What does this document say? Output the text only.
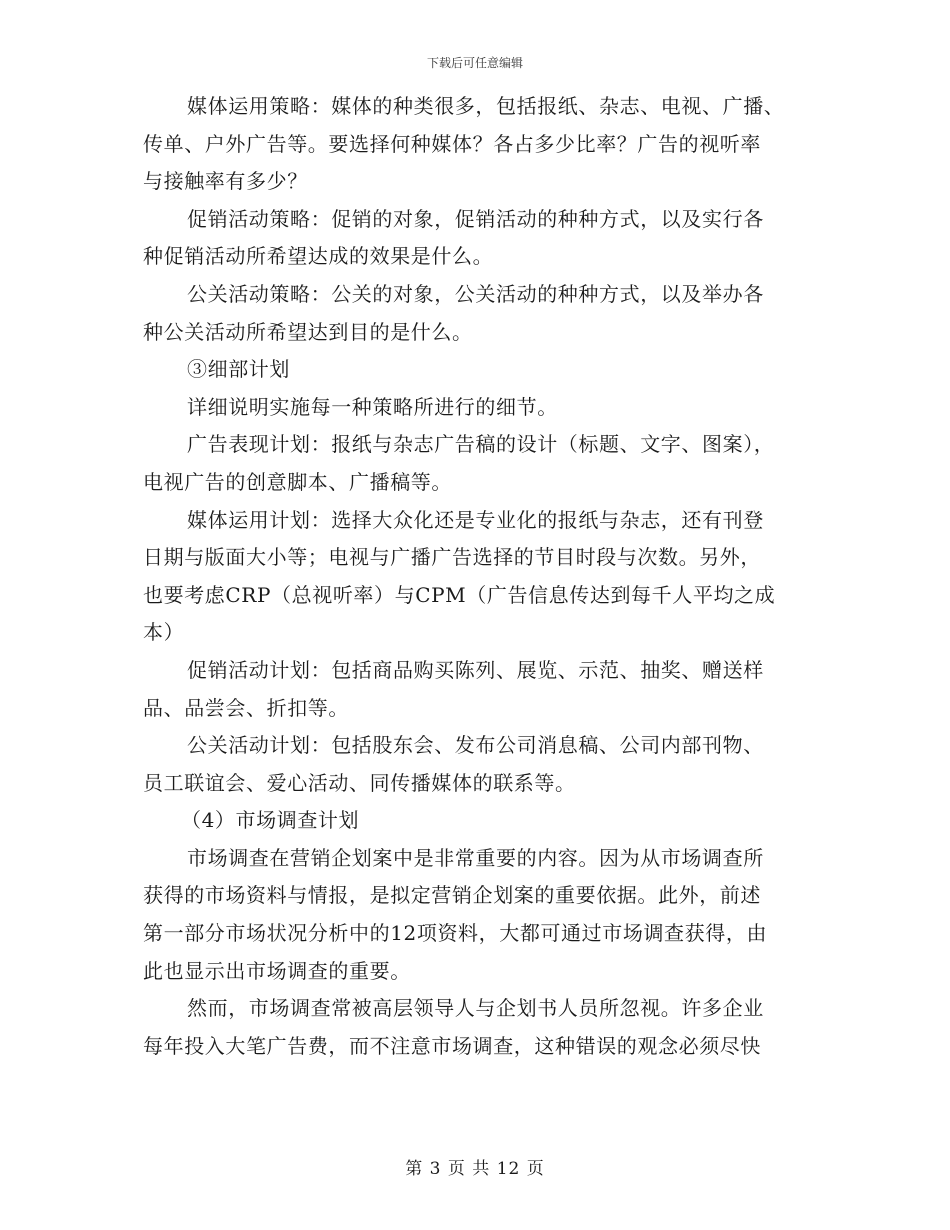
下载后可任意编辑
媒体运用策略：媒体的种类很多，包括报纸、杂志、电视、广播、
传单、户外广告等。要选择何种媒体？各占多少比率？广告的视听率
与接触率有多少？
促销活动策略：促销的对象，促销活动的种种方式，以及实行各
种促销活动所希望达成的效果是什么。
公关活动策略：公关的对象，公关活动的种种方式，以及举办各
种公关活动所希望达到目的是什么。
③细部计划
详细说明实施每一种策略所进行的细节。
广告表现计划：报纸与杂志广告稿的设计（标题、文字、图案），
电视广告的创意脚本、广播稿等。
媒体运用计划：选择大众化还是专业化的报纸与杂志，还有刊登
日期与版面大小等；电视与广播广告选择的节目时段与次数。另外，
也要考虑CRP（总视听率）与CPM（广告信息传达到每千人平均之成
本）
促销活动计划：包括商品购买陈列、展览、示范、抽奖、赠送样
品、品尝会、折扣等。
公关活动计划：包括股东会、发布公司消息稿、公司内部刊物、
员工联谊会、爱心活动、同传播媒体的联系等。
（4）市场调查计划
市场调查在营销企划案中是非常重要的内容。因为从市场调查所
获得的市场资料与情报，是拟定营销企划案的重要依据。此外，前述
第一部分市场状况分析中的12项资料，大都可通过市场调查获得，由
此也显示出市场调查的重要。
然而，市场调查常被高层领导人与企划书人员所忽视。许多企业
每年投入大笔广告费，而不注意市场调查，这种错误的观念必须尽快
第 3 页 共 12 页
